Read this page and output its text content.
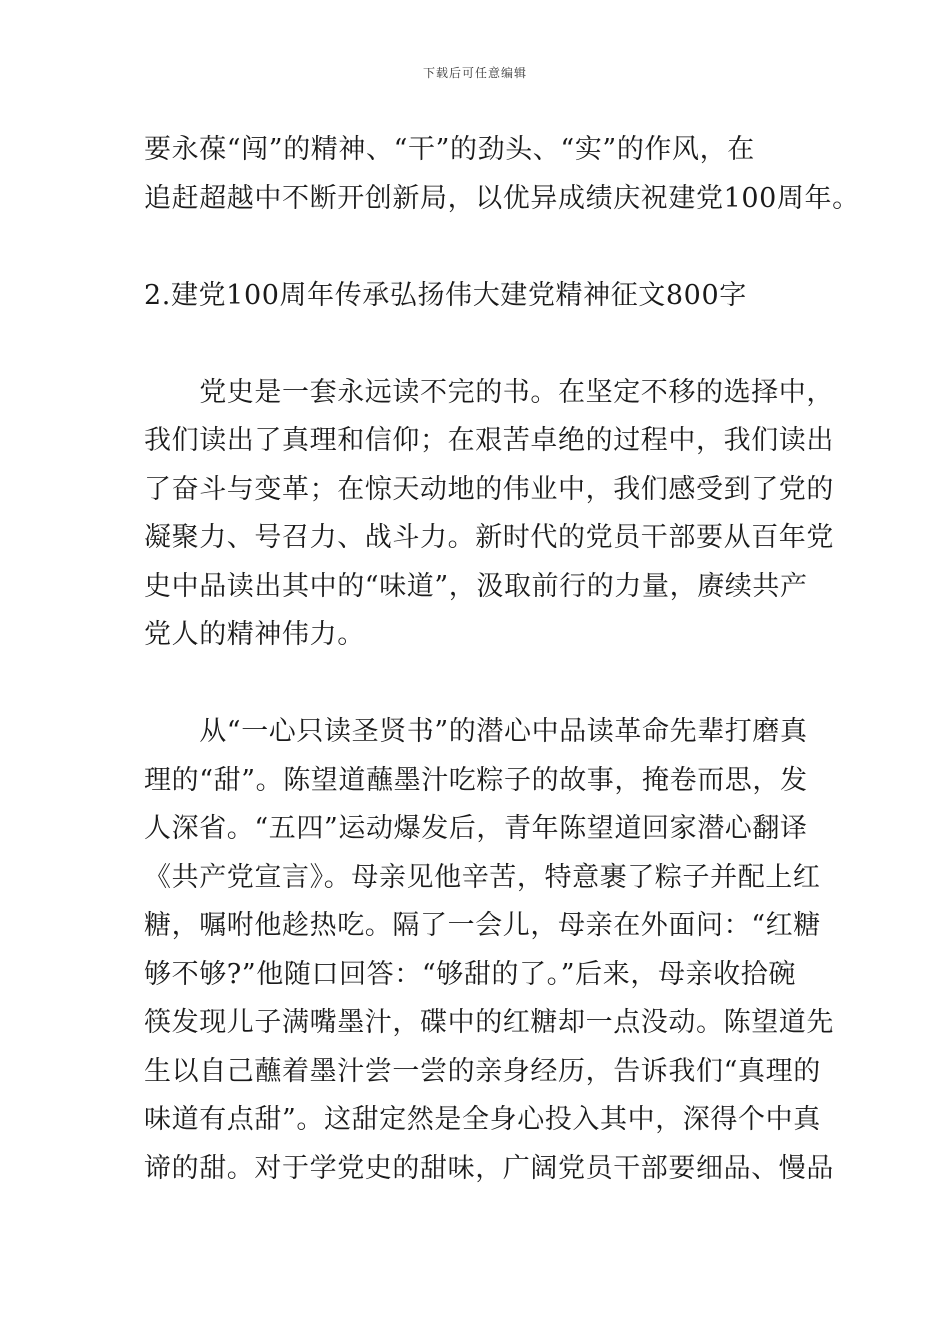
下载后可任意编辑
要永葆“闯”的精神、“干”的劲头、“实”的作风，在
追赶超越中不断开创新局，以优异成绩庆祝建党100周年。
2.建党100周年传承弘扬伟大建党精神征文800字
　　党史是一套永远读不完的书。在坚定不移的选择中，
我们读出了真理和信仰；在艰苦卓绝的过程中，我们读出
了奋斗与变革；在惊天动地的伟业中，我们感受到了党的
凝聚力、号召力、战斗力。新时代的党员干部要从百年党
史中品读出其中的“味道”，汲取前行的力量，赓续共产
党人的精神伟力。
　　从“一心只读圣贤书”的潜心中品读革命先辈打磨真
理的“甜”。陈望道蘸墨汁吃粽子的故事，掩卷而思，发
人深省。“五四”运动爆发后，青年陈望道回家潜心翻译
《共产党宣言》。母亲见他辛苦，特意裹了粽子并配上红
糖，嘱咐他趁热吃。隔了一会儿，母亲在外面问：“红糖
够不够?”他随口回答：“够甜的了。”后来，母亲收拾碗
筷发现儿子满嘴墨汁，碟中的红糖却一点没动。陈望道先
生以自己蘸着墨汁尝一尝的亲身经历，告诉我们“真理的
味道有点甜”。这甜定然是全身心投入其中，深得个中真
谛的甜。对于学党史的甜味，广阔党员干部要细品、慢品
